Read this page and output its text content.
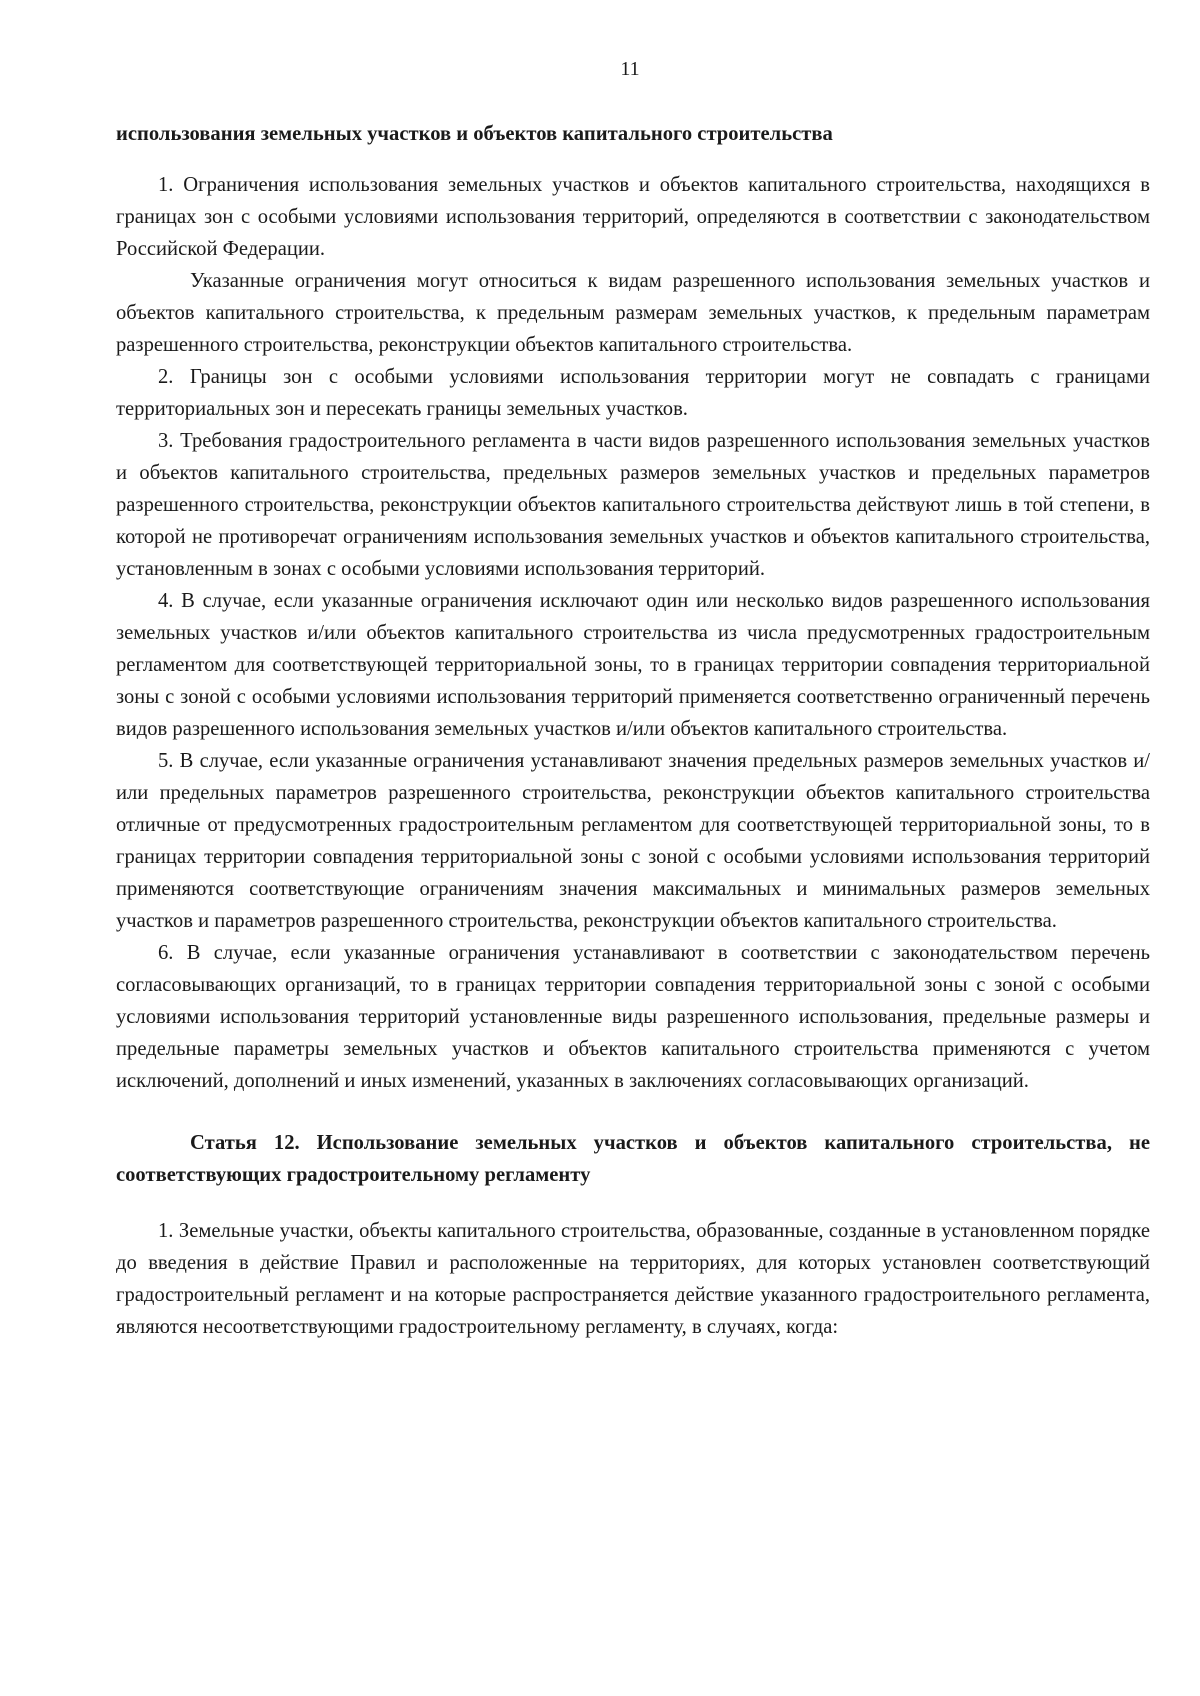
11

использования земельных участков и объектов капитального строительства

1. Ограничения использования земельных участков и объектов капитального строительства, находящихся в границах зон с особыми условиями использования территорий, определяются в соответствии с законодательством Российской Федерации.

Указанные ограничения могут относиться к видам разрешенного использования земельных участков и объектов капитального строительства, к предельным размерам земельных участков, к предельным параметрам разрешенного строительства, реконструкции объектов капитального строительства.

2. Границы зон с особыми условиями использования территории могут не совпадать с границами территориальных зон и пересекать границы земельных участков.

3. Требования градостроительного регламента в части видов разрешенного использования земельных участков и объектов капитального строительства, предельных размеров земельных участков и предельных параметров разрешенного строительства, реконструкции объектов капитального строительства действуют лишь в той степени, в которой не противоречат ограничениям использования земельных участков и объектов капитального строительства, установленным в зонах с особыми условиями использования территорий.

4. В случае, если указанные ограничения исключают один или несколько видов разрешенного использования земельных участков и/или объектов капитального строительства из числа предусмотренных градостроительным регламентом для соответствующей территориальной зоны, то в границах территории совпадения территориальной зоны с зоной с особыми условиями использования территорий применяется соответственно ограниченный перечень видов разрешенного использования земельных участков и/или объектов капитального строительства.

5. В случае, если указанные ограничения устанавливают значения предельных размеров земельных участков и/или предельных параметров разрешенного строительства, реконструкции объектов капитального строительства отличные от предусмотренных градостроительным регламентом для соответствующей территориальной зоны, то в границах территории совпадения территориальной зоны с зоной с особыми условиями использования территорий применяются соответствующие ограничениям значения максимальных и минимальных размеров земельных участков и параметров разрешенного строительства, реконструкции объектов капитального строительства.

6. В случае, если указанные ограничения устанавливают в соответствии с законодательством перечень согласовывающих организаций, то в границах территории совпадения территориальной зоны с зоной с особыми условиями использования территорий установленные виды разрешенного использования, предельные размеры и предельные параметры земельных участков и объектов капитального строительства применяются с учетом исключений, дополнений и иных изменений, указанных в заключениях согласовывающих организаций.

Статья 12. Использование земельных участков и объектов капитального строительства, не соответствующих градостроительному регламенту

1. Земельные участки, объекты капитального строительства, образованные, созданные в установленном порядке до введения в действие Правил и расположенные на территориях, для которых установлен соответствующий градостроительный регламент и на которые распространяется действие указанного градостроительного регламента, являются несоответствующими градостроительному регламенту, в случаях, когда:
